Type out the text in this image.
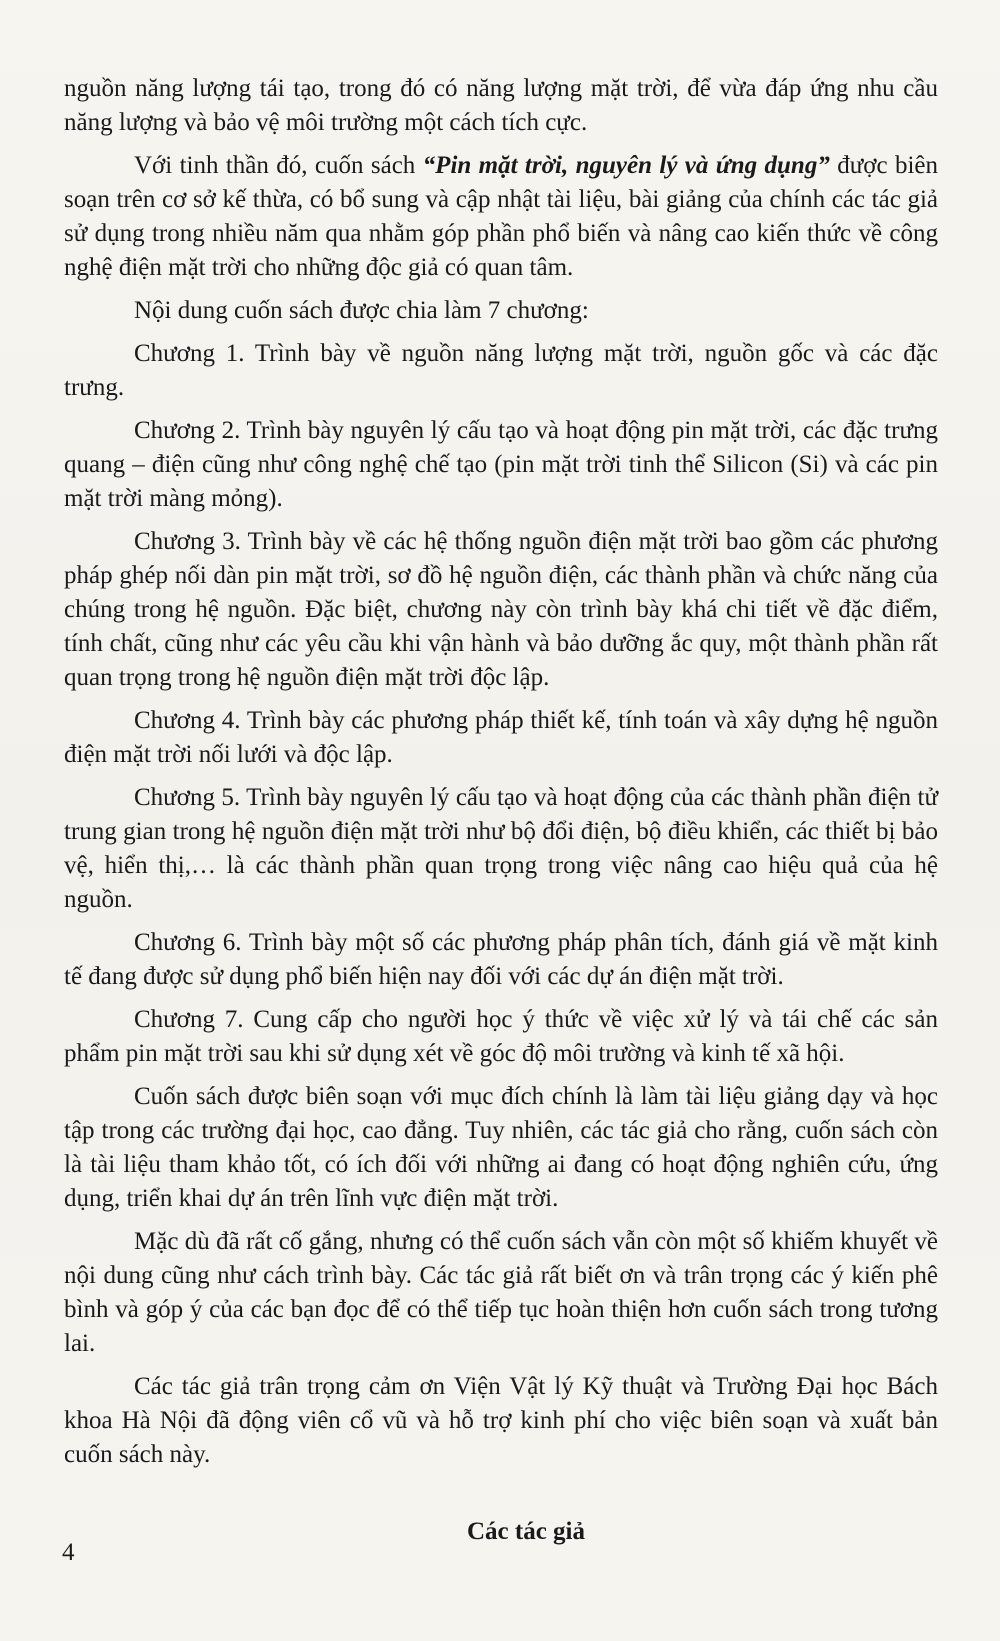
nguồn năng lượng tái tạo, trong đó có năng lượng mặt trời, để vừa đáp ứng nhu cầu năng lượng và bảo vệ môi trường một cách tích cực.

Với tinh thần đó, cuốn sách “Pin mặt trời, nguyên lý và ứng dụng” được biên soạn trên cơ sở kế thừa, có bổ sung và cập nhật tài liệu, bài giảng của chính các tác giả sử dụng trong nhiều năm qua nhằm góp phần phổ biến và nâng cao kiến thức về công nghệ điện mặt trời cho những độc giả có quan tâm.

Nội dung cuốn sách được chia làm 7 chương:

Chương 1. Trình bày về nguồn năng lượng mặt trời, nguồn gốc và các đặc trưng.

Chương 2. Trình bày nguyên lý cấu tạo và hoạt động pin mặt trời, các đặc trưng quang – điện cũng như công nghệ chế tạo (pin mặt trời tinh thể Silicon (Si) và các pin mặt trời màng mỏng).

Chương 3. Trình bày về các hệ thống nguồn điện mặt trời bao gồm các phương pháp ghép nối dàn pin mặt trời, sơ đồ hệ nguồn điện, các thành phần và chức năng của chúng trong hệ nguồn. Đặc biệt, chương này còn trình bày khá chi tiết về đặc điểm, tính chất, cũng như các yêu cầu khi vận hành và bảo dưỡng ắc quy, một thành phần rất quan trọng trong hệ nguồn điện mặt trời độc lập.

Chương 4. Trình bày các phương pháp thiết kế, tính toán và xây dựng hệ nguồn điện mặt trời nối lưới và độc lập.

Chương 5. Trình bày nguyên lý cấu tạo và hoạt động của các thành phần điện tử trung gian trong hệ nguồn điện mặt trời như bộ đổi điện, bộ điều khiển, các thiết bị bảo vệ, hiển thị,… là các thành phần quan trọng trong việc nâng cao hiệu quả của hệ nguồn.

Chương 6. Trình bày một số các phương pháp phân tích, đánh giá về mặt kinh tế đang được sử dụng phổ biến hiện nay đối với các dự án điện mặt trời.

Chương 7. Cung cấp cho người học ý thức về việc xử lý và tái chế các sản phẩm pin mặt trời sau khi sử dụng xét về góc độ môi trường và kinh tế xã hội.

Cuốn sách được biên soạn với mục đích chính là làm tài liệu giảng dạy và học tập trong các trường đại học, cao đẳng. Tuy nhiên, các tác giả cho rằng, cuốn sách còn là tài liệu tham khảo tốt, có ích đối với những ai đang có hoạt động nghiên cứu, ứng dụng, triển khai dự án trên lĩnh vực điện mặt trời.

Mặc dù đã rất cố gắng, nhưng có thể cuốn sách vẫn còn một số khiếm khuyết về nội dung cũng như cách trình bày. Các tác giả rất biết ơn và trân trọng các ý kiến phê bình và góp ý của các bạn đọc để có thể tiếp tục hoàn thiện hơn cuốn sách trong tương lai.

Các tác giả trân trọng cảm ơn Viện Vật lý Kỹ thuật và Trường Đại học Bách khoa Hà Nội đã động viên cổ vũ và hỗ trợ kinh phí cho việc biên soạn và xuất bản cuốn sách này.

Các tác giả
4
